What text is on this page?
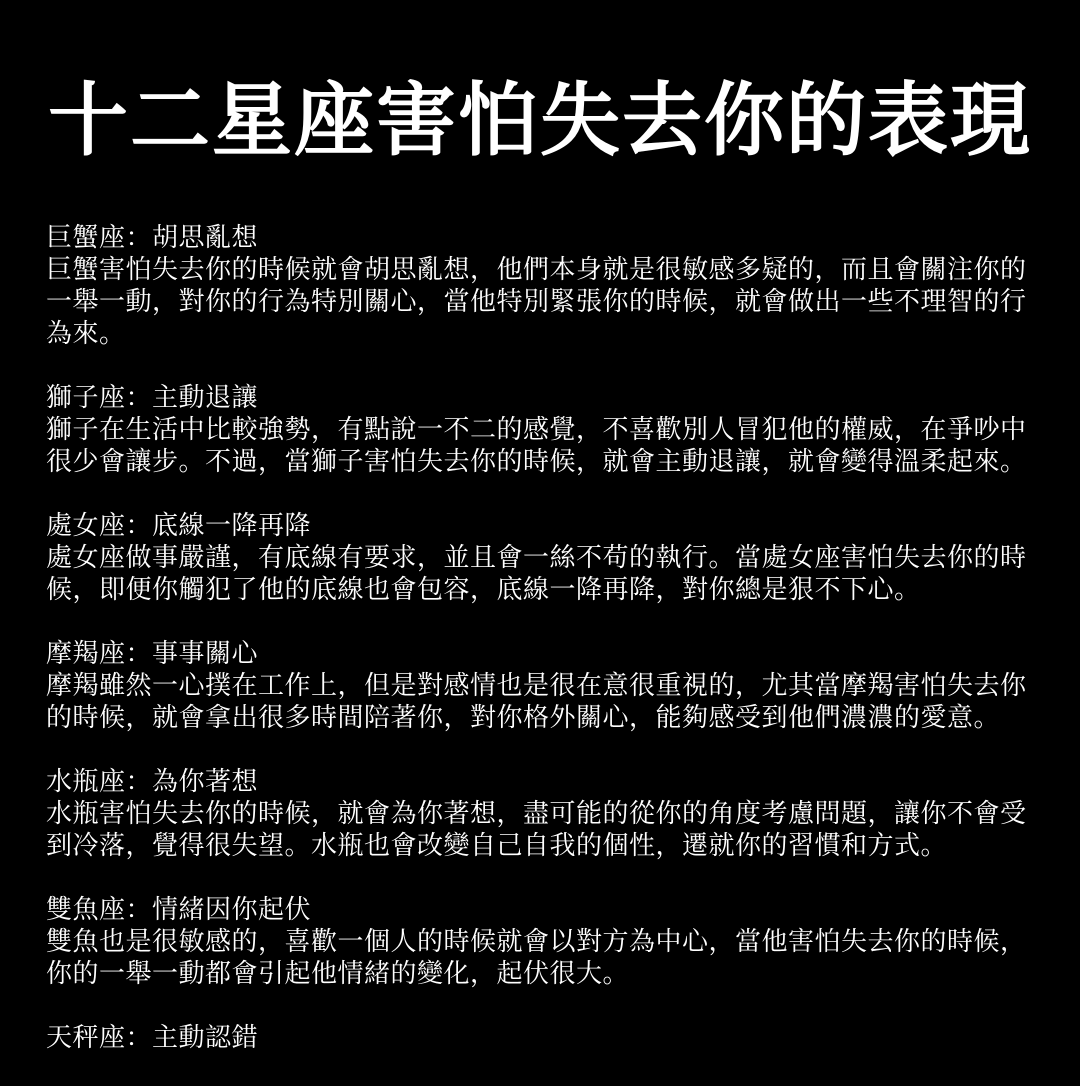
十二星座害怕失去你的表現

巨蟹座：胡思亂想

巨蟹害怕失去你的時候就會胡思亂想，他們本身就是很敏感多疑的，而且會關注你的一舉一動，對你的行為特別關心，當他特別緊張你的時候，就會做出一些不理智的行為來。

獅子座：主動退讓

獅子在生活中比較強勢，有點說一不二的感覺，不喜歡別人冒犯他的權威，在爭吵中很少會讓步。不過，當獅子害怕失去你的時候，就會主動退讓，就會變得溫柔起來。

處女座：底線一降再降

處女座做事嚴謹，有底線有要求，並且會一絲不苟的執行。當處女座害怕失去你的時候，即便你觸犯了他的底線也會包容，底線一降再降，對你總是狠不下心。

摩羯座：事事關心

摩羯雖然一心撲在工作上，但是對感情也是很在意很重視的，尤其當摩羯害怕失去你的時候，就會拿出很多時間陪著你，對你格外關心，能夠感受到他們濃濃的愛意。

水瓶座：為你著想

水瓶害怕失去你的時候，就會為你著想，盡可能的從你的角度考慮問題，讓你不會受到冷落，覺得很失望。水瓶也會改變自己自我的個性，遷就你的習慣和方式。

雙魚座：情緒因你起伏

雙魚也是很敏感的，喜歡一個人的時候就會以對方為中心，當他害怕失去你的時候，你的一舉一動都會引起他情緒的變化，起伏很大。

天秤座：主動認錯
